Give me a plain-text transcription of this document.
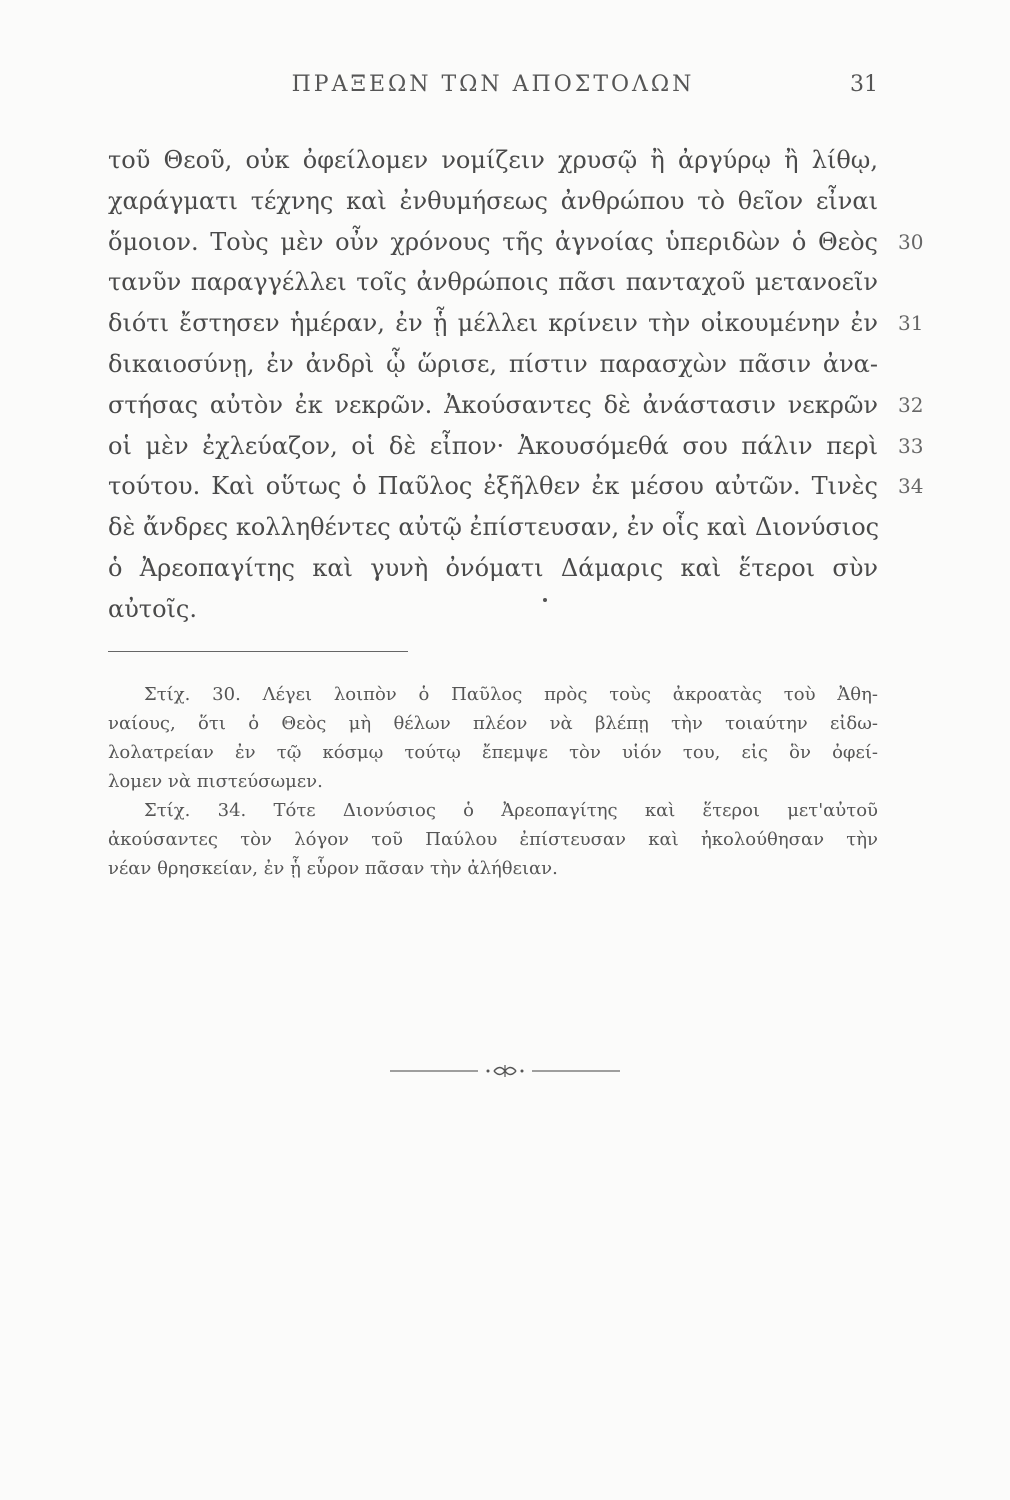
ΠΡΑΞΕΩΝ ΤΩΝ ΑΠΟΣΤΟΛΩΝ	31
τοῦ Θεοῦ, οὐκ ὀφείλομεν νομίζειν χρυσῷ ἢ ἀργύρῳ ἢ λίθῳ,
χαράγματι τέχνης καὶ ἐνθυμήσεως ἀνθρώπου τὸ θεῖον εἶναι
ὅμοιον. Τοὺς μὲν οὖν χρόνους τῆς ἀγνοίας ὑπεριδὼν ὁ Θεὸς 30
τανῦν παραγγέλλει τοῖς ἀνθρώποις πᾶσι πανταχοῦ μετανοεῖν
διότι ἔστησεν ἡμέραν, ἐν ᾗ μέλλει κρίνειν τὴν οἰκουμένην ἐν 31
δικαιοσύνῃ, ἐν ἀνδρὶ ᾧ ὥρισε, πίστιν παρασχὼν πᾶσιν ἀνα-
στήσας αὐτὸν ἐκ νεκρῶν. Ἀκούσαντες δὲ ἀνάστασιν νεκρῶν 32
οἱ μὲν ἐχλεύαζον, οἱ δὲ εἶπον· Ἀκουσόμεθά σου πάλιν περὶ 33
τούτου. Καὶ οὕτως ὁ Παῦλος ἐξῆλθεν ἐκ μέσου αὐτῶν. Τινὲς 34
δὲ ἄνδρες κολληθέντες αὐτῷ ἐπίστευσαν, ἐν οἷς καὶ Διονύσιος
ὁ Ἀρεοπαγίτης καὶ γυνὴ ὀνόματι Δάμαρις καὶ ἕτεροι σὺν
αὐτοῖς.
Στίχ. 30. Λέγει λοιπὸν ὁ Παῦλος πρὸς τοὺς ἀκροατὰς τοὺ Ἀθη-
ναίους, ὅτι ὁ Θεὸς μὴ θέλων πλέον νὰ βλέπῃ τὴν τοιαύτην εἰδω-
λολατρείαν ἐν τῷ κόσμῳ τούτῳ ἔπεμψε τὸν υἱόν του, εἰς ὃν ὀφεί-
λομεν νὰ πιστεύσωμεν.
Στίχ. 34. Τότε Διονύσιος ὁ Ἀρεοπαγίτης καὶ ἕτεροι μετ'αὐτοῦ
ἀκούσαντες τὸν λόγον τοῦ Παύλου ἐπίστευσαν καὶ ἠκολούθησαν τὴν
νέαν θρησκείαν, ἐν ᾗ εὗρον πᾶσαν τὴν ἀλήθειαν.
